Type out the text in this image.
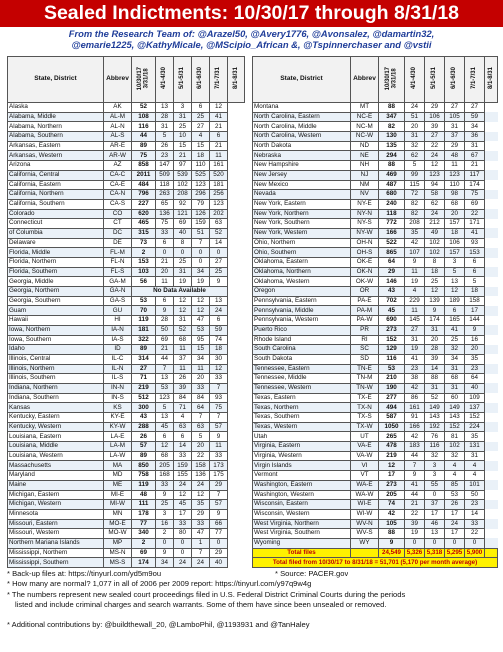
Sealed Indictments: 10/30/17 through 8/31/18
From the Research Team of: @Arazel50, @Avery1776, @Avonsalez, @damartin32,
@emarie1225, @KathyMicale, @MScipio_African &, @Tspinnerchaser and @vstii
State, District	Abbrev	10/30/17 3/31/18	4/1-4/30	5/1-5/31	6/1-6/30	7/1-7/31	8/1-8/31

Alaska	AK	52	13	3	6	12	
Alabama, Middle	AL-M	108	28	31	25	41	
Alabama, Northern	AL-N	116	31	25	27	21	
Alabama, Southern	AL-S	44	5	10	4	6	
Arkansas, Eastern	AR-E	89	26	15	15	21	
Arkansas, Western	AR-W	75	23	21	18	11	
Arizona	AZ	858	147	97	110	161	
California, Central	CA-C	2011	509	539	525	520	
California, Eastern	CA-E	484	118	102	123	181	
California, Northern	CA-N	796	263	208	296	256	
California, Southern	CA-S	227	65	92	79	123	
Colorado	CO	620	136	121	126	202	
Connecticut	CT	465	75	69	159	63	
of Columbia	DC	315	33	40	51	52	
Delaware	DE	73	6	8	7	14	
Florida, Middle	FL-M	2	0	0	0	0	
Florida, Northern	FL-N	153	21	25	0	27	
Florida, Southern	FL-S	103	20	31	34	25	
Georgia, Middle	GA-M	56	11	19	19	9	
Georgia, Northern	GA-N	No Data Available					
Georgia, Southern	GA-S	53	6	12	12	13	
Guam	GU	70	9	12	12	24	
Hawaii	HI	119	28	31	47	6	
Iowa, Northern	IA-N	181	50	52	53	59	
Iowa, Southern	IA-S	322	69	68	95	74	
Idaho	ID	89	21	11	15	18	
Illinois, Central	IL-C	314	44	37	34	30	
Illinois, Northern	IL-N	27	7	11	11	12	
Illinois, Southern	IL-S	71	13	26	20	33	
Indiana, Northern	IN-N	219	53	39	33	7	
Indiana, Southern	IN-S	512	123	84	84	93	
Kansas	KS	300	5	71	64	75	
Kentucky, Eastern	KY-E	43	13	4	7	7	
Kentucky, Western	KY-W	288	45	63	63	57	
Louisiana, Eastern	LA-E	26	6	6	5	9	
Louisiana, Middle	LA-M	57	12	14	20	11	
Louisiana, Western	LA-W	89	68	33	22	33	
Massachusetts	MA	850	205	159	158	173	
Maryland	MD	758	168	155	136	175	
Maine	ME	119	33	24	24	29	
Michigan, Eastern	MI-E	48	9	12	12	7	
Michigan, Western	MI-W	111	25	45	35	57	
Minnesota	MN	178	3	17	29	9	
Missouri, Eastern	MO-E	77	16	33	33	66	
Missouri, Western	MO-W	340	2	80	47	77	
Northern Mariana Islands	MP	2	0	0	1	0	
Mississippi, Northern	MS-N	69	9	0	7	29	
Mississippi, Southern	MS-S	174	34	24	24	40	
State, District	Abbrev	10/30/17 3/31/18	4/1-4/30	5/1-5/31	6/1-6/30	7/1-7/31	8/1-8/31	

Montana	MT	88	24	29	27	27		
North Carolina, Eastern	NC-E	347	51	106	105	59		
North Carolina, Middle	NC-M	82	20	39	31	34		
North Carolina, Western	NC-W	130	31	27	37	36		
North Dakota	ND	135	32	22	29	31		
Nebraska	NE	294	62	24	48	67		
New Hampshire	NH	88	5	12	11	21		
New Jersey	NJ	469	99	123	123	117		
New Mexico	NM	487	115	94	110	174		
Nevada	NV	680	72	58	98	75		
New York, Eastern	NY-E	240	82	62	68	69		
New York, Northern	NY-N	118	82	24	20	22		
New York, Southern	NY-S	772	208	212	157	171		
New York, Western	NY-W	166	35	49	18	41		
Ohio, Northern	OH-N	522	42	102	106	93		
Ohio, Southern	OH-S	865	107	102	157	153		
Oklahoma, Eastern	OK-E	64	9	8	3	6		
Oklahoma, Northern	OK-N	29	11	18	5	6		
Oklahoma, Western	OK-W	146	19	25	13	5		
Oregon	OR	43	4	12	12	18		
Pennsylvania, Eastern	PA-E	702	229	139	189	158		
Pennsylvania, Middle	PA-M	45	11	9	6	17		
Pennsylvania, Western	PA-W	690	145	174	165	144		
Puerto Rico	PR	273	27	31	41	9		
Rhode Island	RI	152	31	20	25	16		
South Carolina	SC	129	19	28	32	20		
South Dakota	SD	116	41	39	34	35		
Tennessee, Eastern	TN-E	53	23	14	31	23		
Tennessee, Middle	TN-M	210	38	88	68	64		
Tennessee, Western	TN-W	190	42	31	31	40		
Texas, Eastern	TX-E	277	86	52	60	109		
Texas, Northern	TX-N	494	161	149	149	137		
Texas, Southern	TX-S	587	91	143	143	152		
Texas, Western	TX-W	1050	166	192	152	224		
Utah	UT	265	42	76	81	35		
Virginia, Eastern	VA-E	478	183	116	102	131		
Virginia, Western	VA-W	219	44	32	32	31		
Virgin Islands	VI	12	7	3	4	4		
Vermont	VT	17	9	3	4	4		
Washington, Eastern	WA-E	273	41	55	85	101		
Washington, Western	WA-W	205	44	0	53	50		
Wisconsin, Eastern	WI-E	74	21	37	26	23		
Wisconsin, Western	WI-W	42	22	17	17	14		
West Virginia, Northern	WV-N	105	39	46	24	33		
West Virginia, Southern	WV-S	88	19	13	17	22		
Wyoming	WY	9	0	0	0	0		
Total files		24,549	5,326	5,318	5,295	5,900		
Total filed from 10/30/17 to 8/31/18 = 51,701 (5,170 per month average)								
* Source: PACER.gov
* Back-up files at: https://tinyurl.com/yd5m9ou
* How many are normal? 1,077 in all of 2006 per 2009 report: https://tinyurl.com/y97q9w4g
* The numbers represent new sealed court proceedings filed in U.S. Federal District Criminal Courts during the periods
listed and include criminal charges and search warrants. Some of them have since been unsealed or removed.
* Additional contributions by: @buildthewall_20, @LamboPhil, @1193931 and @TanHaley
